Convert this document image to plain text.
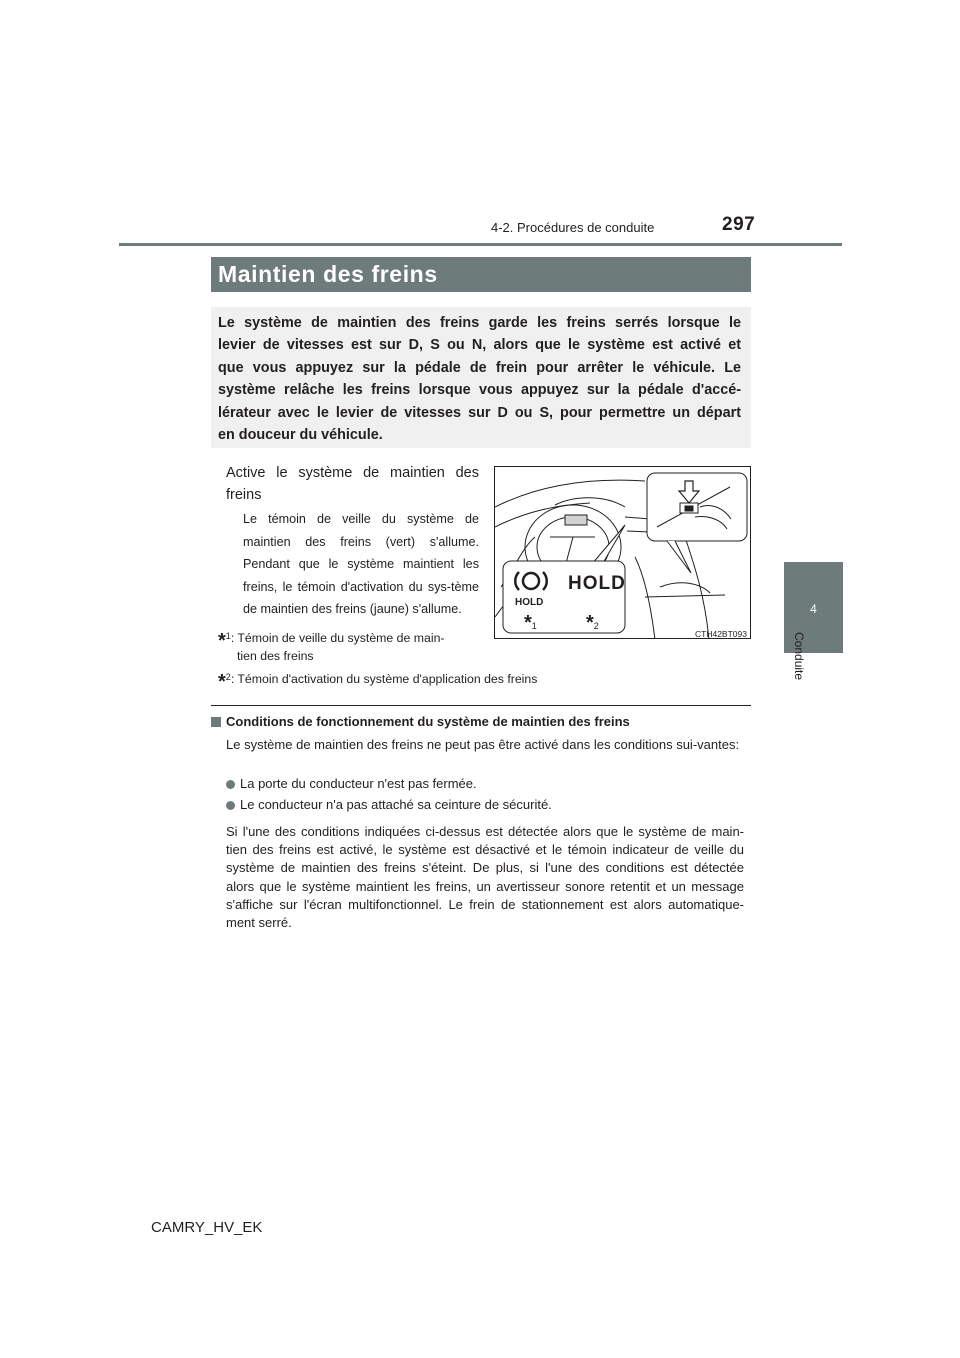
4-2. Procédures de conduite	297
4
Conduite
Maintien des freins
Le système de maintien des freins garde les freins serrés lorsque le
levier de vitesses est sur D, S ou N, alors que le système est activé et
que vous appuyez sur la pédale de frein pour arrêter le véhicule. Le
système relâche les freins lorsque vous appuyez sur la pédale d'accé-
lérateur avec le levier de vitesses sur D ou S, pour permettre un départ
en douceur du véhicule.
Active le système de maintien des freins
Le témoin de veille du système de maintien des freins (vert) s'allume. Pendant que le système maintient les freins, le témoin d'activation du sys-tème de maintien des freins (jaune) s'allume.
*$^1$: Témoin de veille du système de main-
tien des freins
*$^2$: Témoin d'activation du système d'application des freins
HOLD
HOLD
*1 *2
CTH42BT093
Conditions de fonctionnement du système de maintien des freins
Le système de maintien des freins ne peut pas être activé dans les conditions sui-vantes:
La porte du conducteur n'est pas fermée.
Le conducteur n'a pas attaché sa ceinture de sécurité.
Si l'une des conditions indiquées ci-dessus est détectée alors que le système de main-
tien des freins est activé, le système est désactivé et le témoin indicateur de veille du
système de maintien des freins s'éteint. De plus, si l'une des conditions est détectée
alors que le système maintient les freins, un avertisseur sonore retentit et un message
s'affiche sur l'écran multifonctionnel. Le frein de stationnement est alors automatique-
ment serré.
CAMRY_HV_EK
